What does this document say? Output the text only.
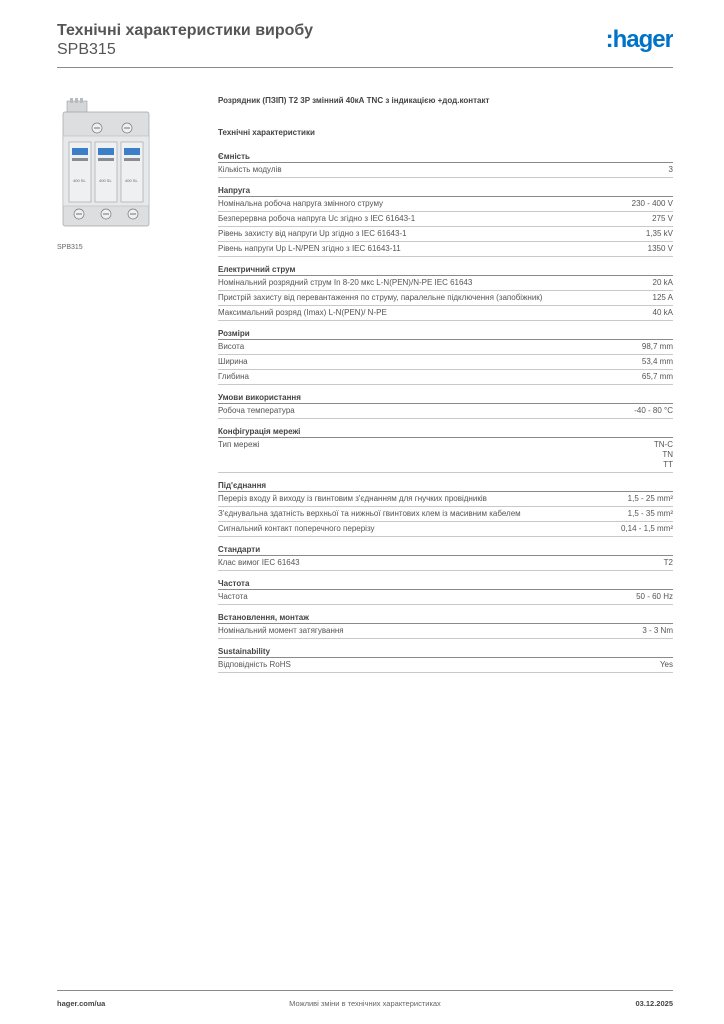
Технічні характеристики виробу
SPB315	:hager
400 SL	400 SL	400 SL
SPB315
Розрядник (ПЗІП) Т2 3P змінний 40кА TNC з індикацією +дод.контакт
Технічні характеристики
Ємність
Кількість модулів	3
Напруга
Номінальна робоча напруга змінного струму	230 - 400 V
Безперервна робоча напруга Uc згідно з IEC 61643-1	275 V
Рівень захисту від напруги Up згідно з IEC 61643-1	1,35 kV
Рівень напруги Up L-N/PEN згідно з IEC 61643-11	1350 V
Електричний струм
Номінальний розрядний струм In 8-20 мкс L-N(PEN)/N-PE IEC 61643	20 kA
Пристрій захисту від перевантаження по струму, паралельне підключення (запобіжник)	125 A
Максимальний розряд (Imax) L-N(PEN)/ N-PE	40 kA
Розміри
Висота	98,7 mm
Ширина	53,4 mm
Глибина	65,7 mm
Умови використання
Робоча температура	-40 - 80 °C
Конфігурація мережі
Тип мережі	TN-C
TN
TT
Під'єднання
Переріз входу й виходу із гвинтовим з'єднанням для гнучких провідників	1,5 - 25 mm²
З'єднувальна здатність верхньої та нижньої гвинтових клем із масивним кабелем	1,5 - 35 mm²
Сигнальний контакт поперечного перерізу	0,14 - 1,5 mm²
Стандарти
Клас вимог IEC 61643	T2
Частота
Частота	50 - 60 Hz
Встановлення, монтаж
Номінальний момент затягування	3 - 3 Nm
Sustainability
Відповідність RoHS	Yes
hager.com/ua	Можливі зміни в технічних характеристиках	03.12.2025
